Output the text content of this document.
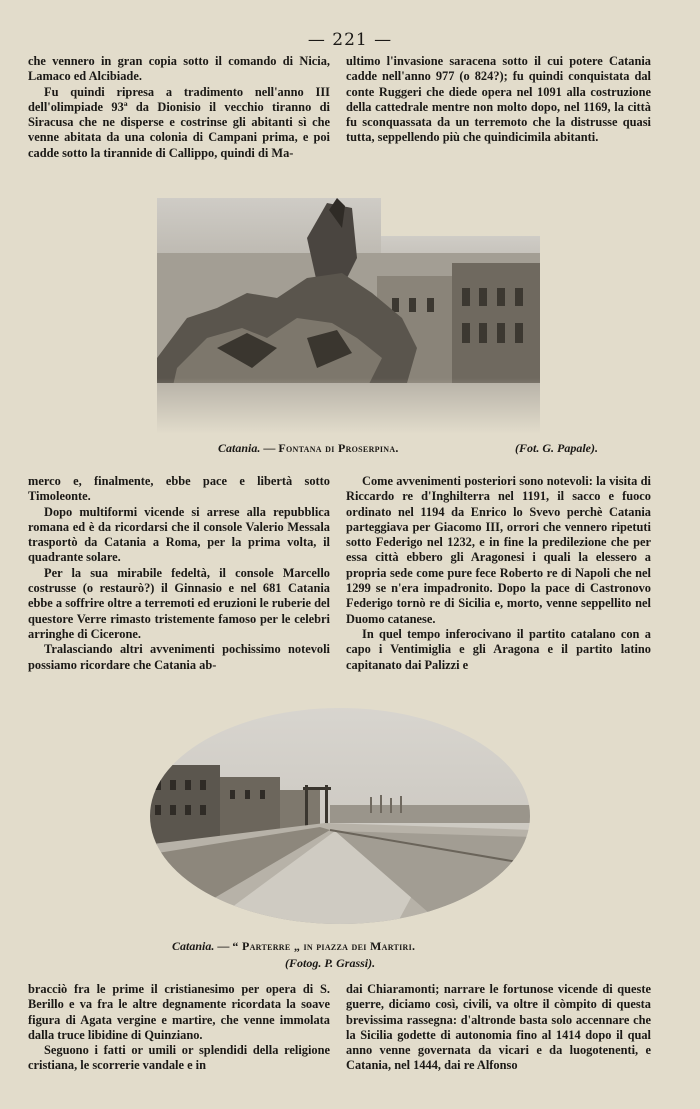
— 221 —

che vennero in gran copia sotto il comando di Nicia, Lamaco ed Alcibiade.

Fu quindi ripresa a tradimento nell'anno III dell'olimpiade 93ª da Dionisio il vecchio tiranno di Siracusa che ne disperse e costrinse gli abitanti sì che venne abitata da una colonia di Campani prima, e poi cadde sotto la tirannide di Callippo, quindi di Ma-

ultimo l'invasione saracena sotto il cui potere Catania cadde nell'anno 977 (o 824?); fu quindi conquistata dal conte Ruggeri che diede opera nel 1091 alla costruzione della cattedrale mentre non molto dopo, nel 1169, la città fu sconquassata da un terremoto che la distrusse quasi tutta, seppellendo più che quindicimila abitanti.

Catania. — Fontana di Proserpina.	(Fot. G. Papale).

merco e, finalmente, ebbe pace e libertà sotto Timoleonte.

Dopo multiformi vicende si arrese alla repubblica romana ed è da ricordarsi che il console Valerio Messala trasportò da Catania a Roma, per la prima volta, il quadrante solare.

Per la sua mirabile fedeltà, il console Marcello costrusse (o restaurò?) il Ginnasio e nel 681 Catania ebbe a soffrire oltre a terremoti ed eruzioni le ruberie del questore Verre rimasto tristemente famoso per le celebri arringhe di Cicerone.

Tralasciando altri avvenimenti pochissimo notevoli possiamo ricordare che Catania ab-

Come avvenimenti posteriori sono notevoli: la visita di Riccardo re d'Inghilterra nel 1191, il sacco e fuoco ordinato nel 1194 da Enrico lo Svevo perchè Catania parteggiava per Giacomo III, orrori che vennero ripetuti sotto Federigo nel 1232, e in fine la predilezione che per essa città ebbero gli Aragonesi i quali la elessero a propria sede come pure fece Roberto re di Napoli che nel 1299 se n'era impadronito. Dopo la pace di Castronovo Federigo tornò re di Sicilia e, morto, venne seppellito nel Duomo catanese.

In quel tempo inferocivano il partito catalano con a capo i Ventimiglia e gli Aragona e il partito latino capitanato dai Palizzi e

Catania. — “ Parterre „ in piazza dei Martiri.
(Fotog. P. Grassi).

bracciò fra le prime il cristianesimo per opera di S. Berillo e va fra le altre degnamente ricordata la soave figura di Agata vergine e martire, che venne immolata dalla truce libidine di Quinziano.

Seguono i fatti or umili or splendidi della religione cristiana, le scorrerie vandale e in

dai Chiaramonti; narrare le fortunose vicende di queste guerre, diciamo così, civili, va oltre il còmpito di questa brevissima rassegna: d'altronde basta solo accennare che la Sicilia godette di autonomia fino al 1414 dopo il qual anno venne governata da vicari e da luogotenenti, e Catania, nel 1444, dai re Alfonso
